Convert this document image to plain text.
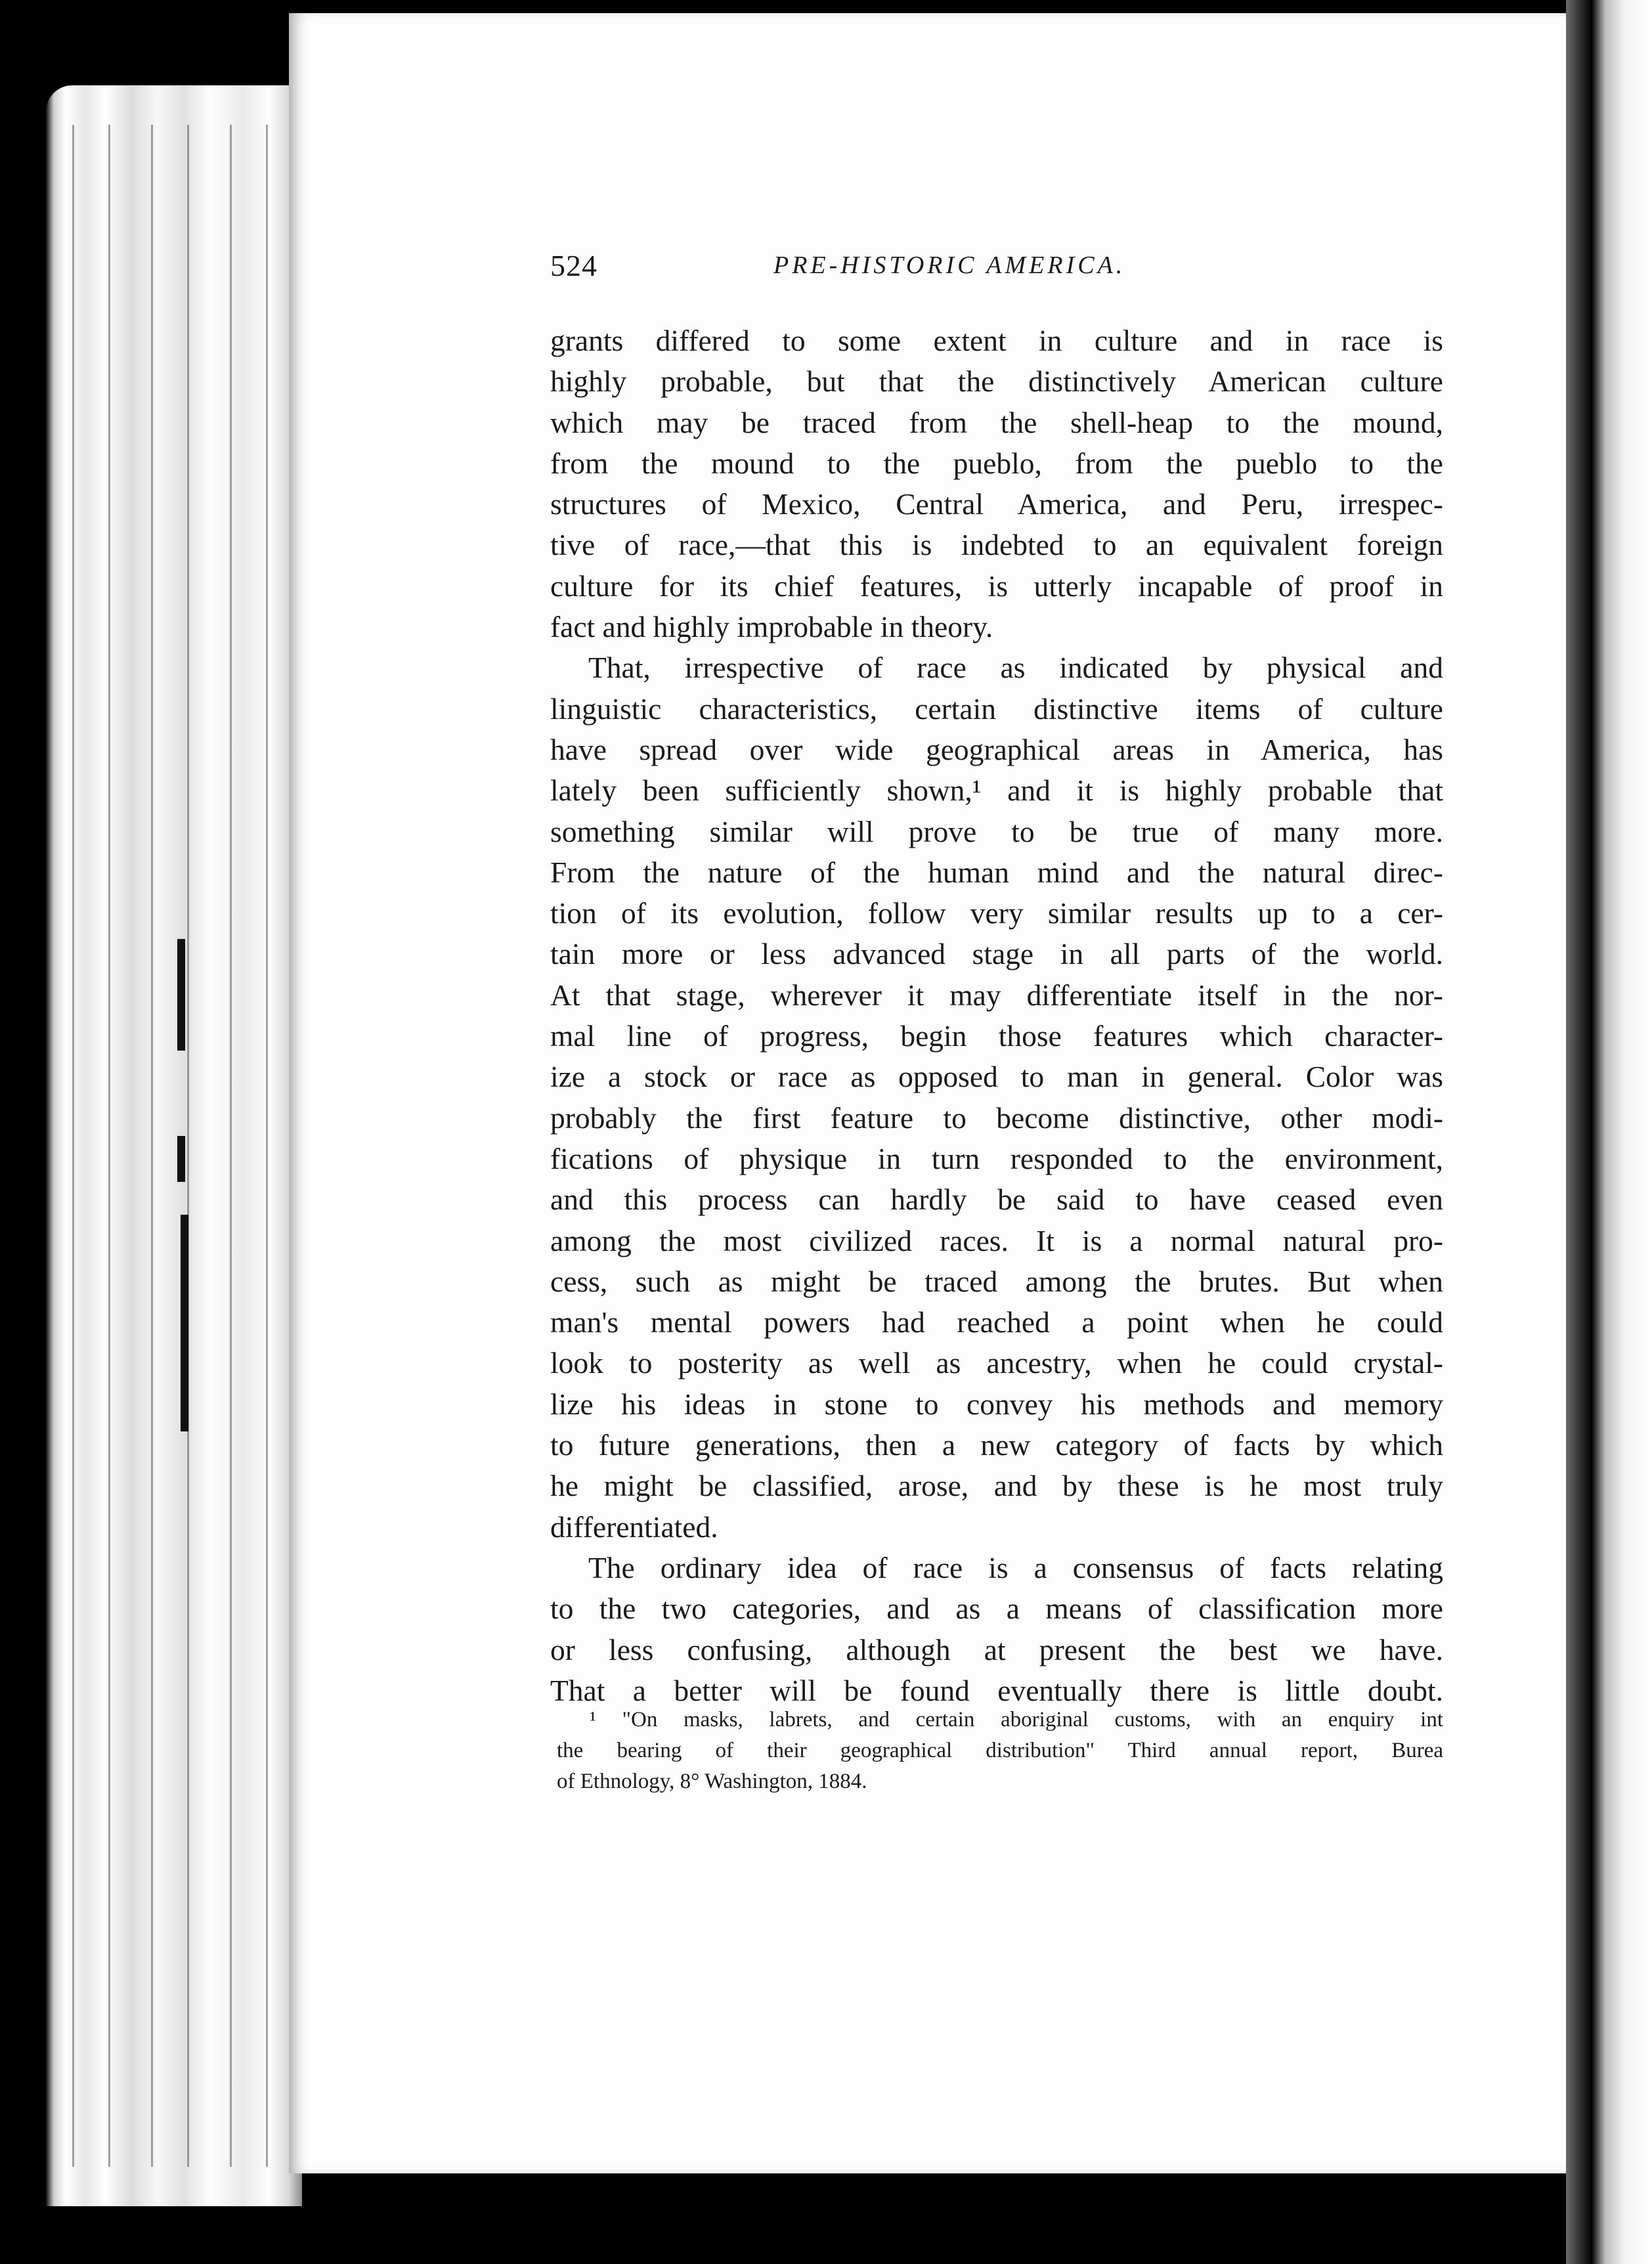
524	PRE-HISTORIC AMERICA.
grants differed to some extent in culture and in race is
highly probable, but that the distinctively American culture
which may be traced from the shell-heap to the mound,
from the mound to the pueblo, from the pueblo to the
structures of Mexico, Central America, and Peru, irrespec-
tive of race,—that this is indebted to an equivalent foreign
culture for its chief features, is utterly incapable of proof in
fact and highly improbable in theory.
That, irrespective of race as indicated by physical and
linguistic characteristics, certain distinctive items of culture
have spread over wide geographical areas in America, has
lately been sufficiently shown,¹ and it is highly probable that
something similar will prove to be true of many more.
From the nature of the human mind and the natural direc-
tion of its evolution, follow very similar results up to a cer-
tain more or less advanced stage in all parts of the world.
At that stage, wherever it may differentiate itself in the nor-
mal line of progress, begin those features which character-
ize a stock or race as opposed to man in general. Color was
probably the first feature to become distinctive, other modi-
fications of physique in turn responded to the environment,
and this process can hardly be said to have ceased even
among the most civilized races. It is a normal natural pro-
cess, such as might be traced among the brutes. But when
man's mental powers had reached a point when he could
look to posterity as well as ancestry, when he could crystal-
lize his ideas in stone to convey his methods and memory
to future generations, then a new category of facts by which
he might be classified, arose, and by these is he most truly
differentiated.
The ordinary idea of race is a consensus of facts relating
to the two categories, and as a means of classification more
or less confusing, although at present the best we have.
That a better will be found eventually there is little doubt.
¹ "On masks, labrets, and certain aboriginal customs, with an enquiry int
the bearing of their geographical distribution" Third annual report, Burea
of Ethnology, 8° Washington, 1884.
